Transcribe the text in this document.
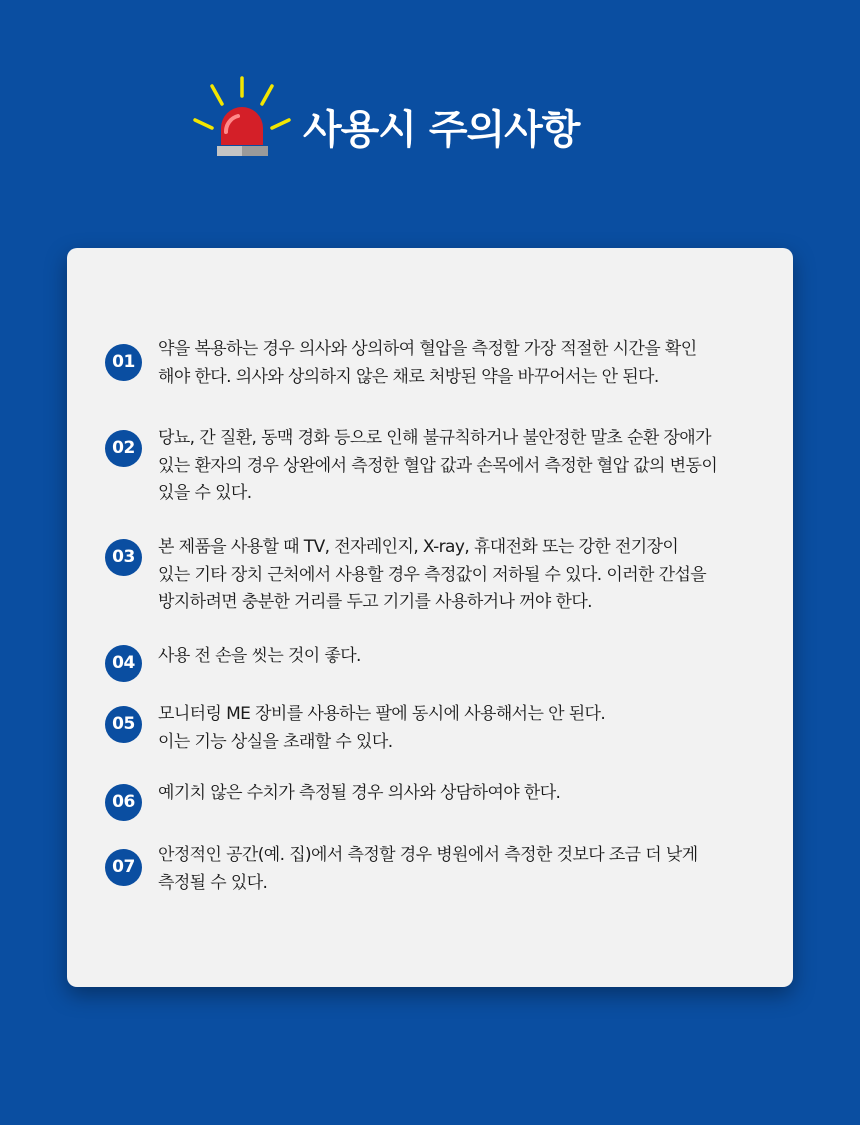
사용시 주의사항
01
약을 복용하는 경우 의사와 상의하여 혈압을 측정할 가장 적절한 시간을 확인
해야 한다. 의사와 상의하지 않은 채로 처방된 약을 바꾸어서는 안 된다.
02	당뇨, 간 질환, 동맥 경화 등으로 인해 불규칙하거나 불안정한 말초 순환 장애가
있는 환자의 경우 상완에서 측정한 혈압 값과 손목에서 측정한 혈압 값의 변동이
있을 수 있다.
03	본 제품을 사용할 때 TV, 전자레인지, X-ray, 휴대전화 또는 강한 전기장이
있는 기타 장치 근처에서 사용할 경우 측정값이 저하될 수 있다. 이러한 간섭을
방지하려면 충분한 거리를 두고 기기를 사용하거나 꺼야 한다.
04	사용 전 손을 씻는 것이 좋다.
05	모니터링 ME 장비를 사용하는 팔에 동시에 사용해서는 안 된다.
이는 기능 상실을 초래할 수 있다.
06	예기치 않은 수치가 측정될 경우 의사와 상담하여야 한다.
07
안정적인 공간(예. 집)에서 측정할 경우 병원에서 측정한 것보다 조금 더 낮게
측정될 수 있다.
